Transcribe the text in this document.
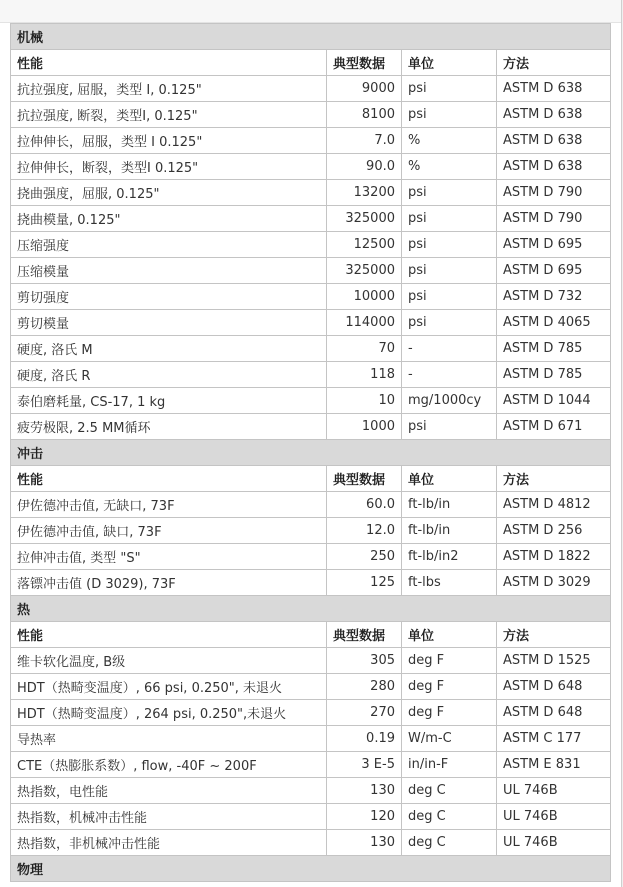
机械			
性能	典型数据	单位	方法
抗拉强度, 屈服，类型 I, 0.125"	9000	psi	ASTM D 638
抗拉强度, 断裂，类型I, 0.125"	8100	psi	ASTM D 638
拉伸伸长，屈服，类型 I 0.125"	7.0	%	ASTM D 638
拉伸伸长，断裂，类型I 0.125"	90.0	%	ASTM D 638
挠曲强度，屈服, 0.125"	13200	psi	ASTM D 790
挠曲模量, 0.125"	325000	psi	ASTM D 790
压缩强度	12500	psi	ASTM D 695
压缩模量	325000	psi	ASTM D 695
剪切强度	10000	psi	ASTM D 732
剪切模量	114000	psi	ASTM D 4065
硬度, 洛氏 M	70	-	ASTM D 785
硬度, 洛氏 R	118	-	ASTM D 785
泰伯磨耗量, CS-17, 1 kg	10	mg/1000cy	ASTM D 1044
疲劳极限, 2.5 MM循环	1000	psi	ASTM D 671
冲击			
性能	典型数据	单位	方法
伊佐德冲击值, 无缺口, 73F	60.0	ft-lb/in	ASTM D 4812
伊佐德冲击值, 缺口, 73F	12.0	ft-lb/in	ASTM D 256
拉伸冲击值, 类型 "S"	250	ft-lb/in2	ASTM D 1822
落镖冲击值 (D 3029), 73F	125	ft-lbs	ASTM D 3029
热			
性能	典型数据	单位	方法
维卡软化温度, B级	305	deg F	ASTM D 1525
HDT（热畸变温度）, 66 psi, 0.250", 未退火	280	deg F	ASTM D 648
HDT（热畸变温度）, 264 psi, 0.250",未退火	270	deg F	ASTM D 648
导热率	0.19	W/m-C	ASTM C 177
CTE（热膨胀系数）, flow, -40F ~ 200F	3 E-5	in/in-F	ASTM E 831
热指数，电性能	130	deg C	UL 746B
热指数，机械冲击性能	120	deg C	UL 746B
热指数，非机械冲击性能	130	deg C	UL 746B
物理			
